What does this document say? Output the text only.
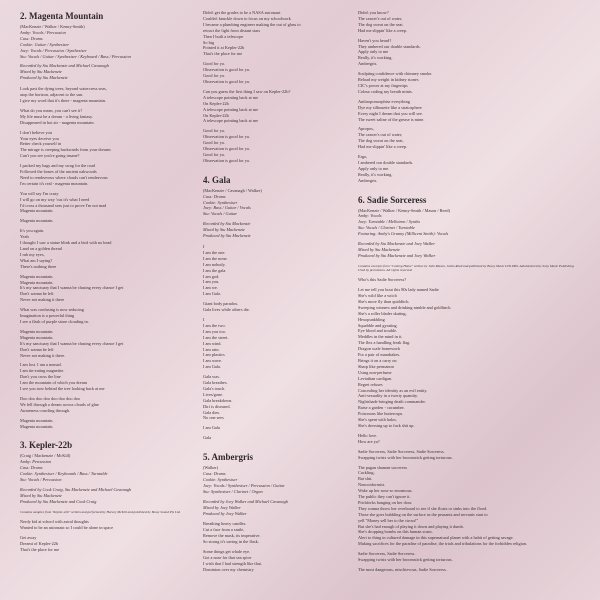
2. Magenta Mountain
(MacKenzie / Walker / Kenny-Smith)
Amby: Vocals / Percussion
Cass: Drums
Cookie: Guitar / Synthesiser
Joey: Vocals / Percussion / Synthesiser
Stu: Vocals / Guitar / Synthesiser / Keyboard / Bass / Percussion
Recorded by Stu Mackenzie and Michael Cavanagh
Mixed by Stu Mackenzie
Produced by Stu Mackenzie
Look past the dying trees, beyond watercress seas,
atop the horizon, adjacent to the sun.
I give my word that it's there - magenta mountain.
What do you mean, you can't see it?
My life must be a dream - a living fantasy.
Disappeared in hot air - magenta mountain.
I don't believe you
Your eyes deceive you
Better check yourself in
The mirage is creeping backwards from your dreams
Can't you see you're going insane?
I packed my bags and my swag for the road
Followed the bones of the ancient oakwoods
Need to rendezvous where clouds can't rendezvous
I'm certain it's real - magenta mountain.
You will say I'm crazy
I will go on my way 'cus it's what I need
I'd cross a thousand seas just to prove I'm not mad
Magenta mountain.
Magenta mountain.
It's you again.
Yeah
I thought I saw a statue blink and a bird with no head
Land on a golden thread
I rub my eyes,
What am I saying?
There's nothing there
Magenta mountain.
Magenta mountain.
It's my sanctuary that I wanna be chasing every chance I get
Don't wanna be left
Never not making it there
What was confusing is now seducing
Imagination is a powerful thing
I see a flash of purple stone clouding in.
Magenta mountain.
Magenta mountain.
It's my sanctuary that I wanna be chasing every chance I get
Don't wanna be left
Never not making it there.
I am lost. I am a nomad.
I am tin-eating magnetite.
Don't you cross the line
I am the mountain of which you dream
I see you now behind the tree looking back at me
Doo doo doo doo doo doo doo doo
We fell through a dream across clouds of glue
Awareness crawling through.
Magenta mountain.
Magenta mountain.
3. Kepler-22b
(Craig / Mackenzie / McKill)
Amby: Percussion
Cass: Drums
Cookie: Synthesiser / Keyboards / Bass / Turntable
Stu: Vocals / Percussion
Recorded by Cook Craig, Stu Mackenzie and Michael Cavanagh
Mixed by Stu Mackenzie
Produced by Stu Mackenzie and Cook Craig
Contains samples from "Kepler-22b" written and performed by Harvey McKill and published by Bossy Sound Pty Ltd.
Nerdy kid at school with astral thoughts
Wanted to be an astronaut so I could be alone in space
Get away
Dreamt of Kepler-22b
That's the place for me
Didn't get the grades to be a NASA astronaut
Couldn't knuckle down to focus on my schoolwork
I became a plumbing engineer making the out of glass to
retract the light from distant stars
Then I built a telescope
So big
Pointed it at Kepler-22b
That's the place for me
Good for ya.
Observation is good for ya.
Good for ya.
Observation is good for ya.
Can you guess the first thing I saw on Kepler-22b?
A telescope pointing back at me
On Kepler-22b
A telescope pointing back at me
On Kepler-22b
A telescope pointing back at me
Good for ya.
Observation is good for ya.
Good for ya.
Observation is good for ya.
Good for ya.
Observation is good for ya.
4. Gala
(MacKenzie / Cavanagh / Walker)
Cass: Drums
Cookie: Synthesiser
Joey: Bass / Guitar / Vocals
Stu: Vocals / Guitar
Recorded by Stu Mackenzie
Mixed by Stu Mackenzie
Produced by Stu Mackenzie
I
I am the one.
I am the none.
I am nobody.
I am the gala.
I am god.
I am you.
I am we.
I am Gala.
Giant body paradox.
Gala lives while others die.
I
I am the two.
I am you too.
I am the street.
I am wind.
I am rain.
I am plastics
I am wave.
I am Gala.
Gala was.
Gala breathes.
Gala's touch.
Lives/gone.
Gala breakdown.
Dirt is diseased.
Gala dies.
No one sees
I am Gala
Gala
5. Ambergris
(Walker)
Cass: Drums
Cookie: Synthesiser
Joey: Vocals / Synthesiser / Percussion / Guitar
Stu: Synthesiser / Clarinet / Organ
Recorded by Joey Walker and Michael Cavanagh
Mixed by Joey Walker
Produced by Joey Walker
Breathing heavy candles.
Cut a face from a smile,
Remove the mask, its imperative.
So strong it's saving in the flask.
Some things get whale eye.
Got a nose for that sea spice
I wish that I had strength like that.
Dominion over my chemistry
Didn't you know?
The cancer's out of water,
The dog sweat on the seat.
Had me slippin' like a creep.
Haven't you heard?
They ambered our double standards.
Apply only to me
Really, it's working,
Ambergris.
Sculpting confidence with chimney smoke.
Reload my weight in kidney stones
CIC's power at my fingertips
Colour coding my breath mints.
Anthropomorphise everything
Dye my silhouette like a stratosphere
Every night I dream that you will see.
The sweet saline of the grease is mine.
Apropos,
The cancer's out of water,
The dog sweat on the seat,
Had me slippin' like a creep.
Ergo,
I ambered our double standards.
Apply only to me.
Really, it's working,
Ambergris.
6. Sadie Sorceress
(MacKenzie / Walker / Kenny-Smith / Mason / Reed)
Amby: Vocals
Joey: Turntable / Mellotron / Synths
Stu: Vocals / Clarinet / Turntable
Featuring: Amby's Granny (Millicent Smith): Vocals
Recorded by Stu Mackenzie and Joey Walker
Mixed by Stu Mackenzie
Produced by Stu Mackenzie and Joey Walker
Contains excerpts from "Coming Home" written by John Mason, Justin Reed and published by Bossy Music LTD PRS. Administered by Sony Music Publishing. Used by permission. All rights reserved.
Who's this Sadie Sorceress?
Let me tell you bout this 80s lady named Sadie
She's wild like a witch
She's more fly than quidditch.
Sweeping winners and drinking nimble and goldfinch.
She's a roller blader skating,
Hexopunkbling
Squabble and gyrating
Eye blood and trouble.
Meddles in the mind in it.
The flex a handling freak flag.
Dragon scale homework
For a pair of mandrakes.
Brings it on a carry on
Sharp like permanon
Using non-perfume
Leviathan cardigan.
Regret refuses
Concealing her identity as an evil entity.
Anti-sexuality in a twerty quantity.
Nightshade bringing death commander.
Raise a garden - cucumber.
Poisonous like buttercups.
She's spent with halos.
She's dressing up to fuck shit up.
Hello love.
How are ya?
Sadie Sorceress, Sadie Sorceress, Sadie Sorceress.
Swapping twists with her broomstick getting torturous.
The pagan shaman sorceress
Cackling,
Bat shit.
Nonconformist.
Wake up her nose so enormous.
The public they can't ignore it.
Pitchforks banging on her door.
They wanna throw her overboard to see if she floats or sinks into the flood.
Those she goes bubbling on the surface as the peasants and servants start to
yell "Money sell her to the circus!"
But she's had enough of playing it down and playing it dumb.
She's dropping bombs on this human scum.
Alert to thing in cultured damage in this supernatural planet with a habit of getting savage.
Making sacrifices for the paradise of paradise, the trials and tribulations for the forbidden religion.
Sadie Sorceress, Sadie Sorceress.
Swapping twists with her broomstick getting torturous.
The most dangerous, mischievous, Sadie Sorceress.
